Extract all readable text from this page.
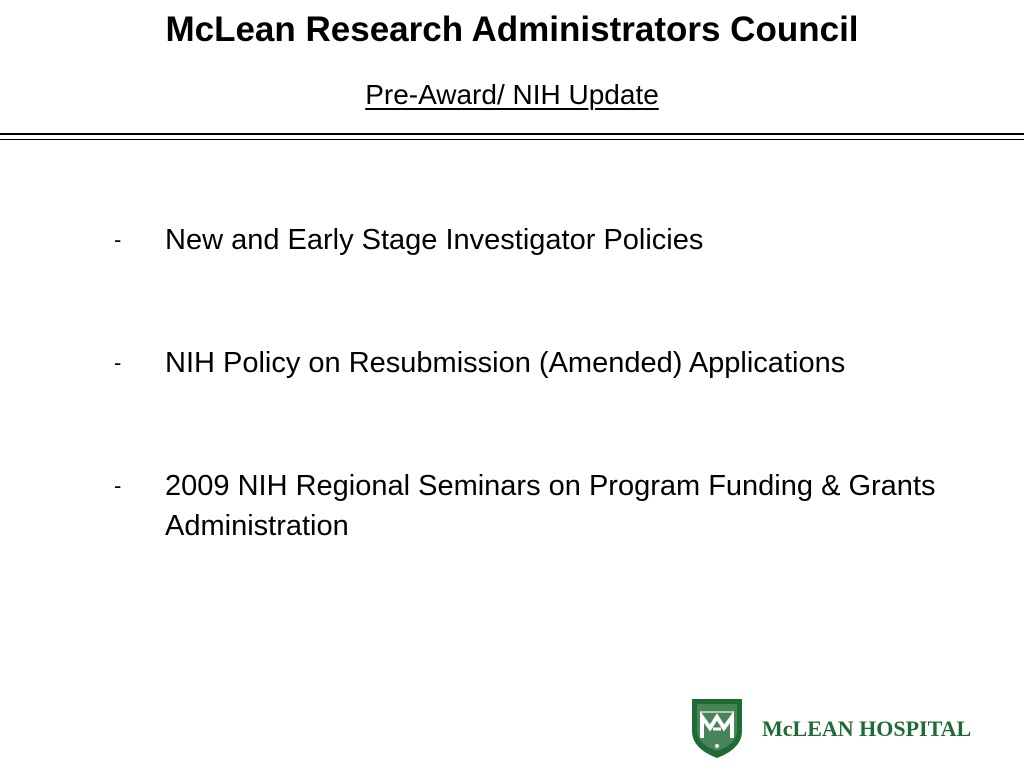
McLean Research Administrators Council
Pre-Award/ NIH Update
- New and Early Stage Investigator Policies
- NIH Policy on Resubmission (Amended) Applications
- 2009 NIH Regional Seminars on Program Funding & Grants Administration
McLEAN HOSPITAL
